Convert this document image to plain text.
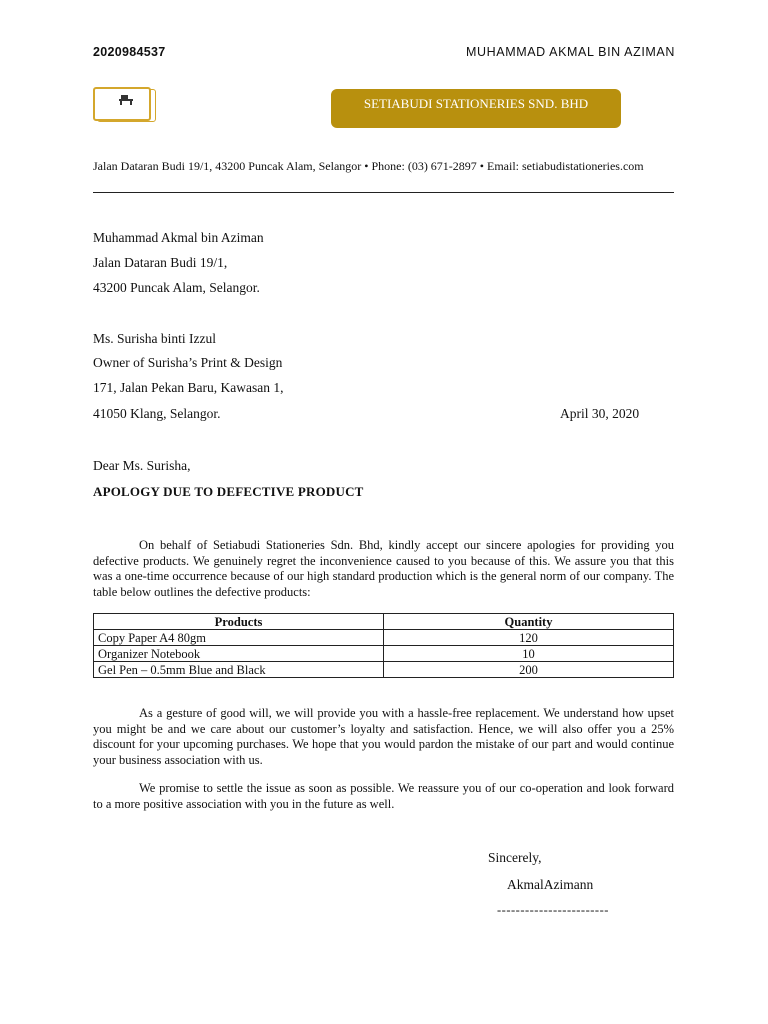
2020984537	MUHAMMAD AKMAL BIN AZIMAN
SETIABUDI STATIONERIES SND. BHD
Jalan Dataran Budi 19/1, 43200 Puncak Alam, Selangor • Phone: (03) 671-2897 • Email: setiabudistationeries.com
Muhammad Akmal bin Aziman
Jalan Dataran Budi 19/1,
43200 Puncak Alam, Selangor.
Ms. Surisha binti Izzul
Owner of Surisha’s Print & Design
171, Jalan Pekan Baru, Kawasan 1,
41050 Klang, Selangor.	April 30, 2020
Dear Ms. Surisha,
APOLOGY DUE TO DEFECTIVE PRODUCT
On behalf of Setiabudi Stationeries Sdn. Bhd, kindly accept our sincere apologies for providing you defective products. We genuinely regret the inconvenience caused to you because of this. We assure you that this was a one-time occurrence because of our high standard production which is the general norm of our company. The table below outlines the defective products:
Products	Quantity
Copy Paper A4 80gm	120
Organizer Notebook	10
Gel Pen – 0.5mm Blue and Black	200
As a gesture of good will, we will provide you with a hassle-free replacement. We understand how upset you might be and we care about our customer’s loyalty and satisfaction. Hence, we will also offer you a 25% discount for your upcoming purchases. We hope that you would pardon the mistake of our part and would continue your business association with us.
We promise to settle the issue as soon as possible. We reassure you of our co-operation and look forward to a more positive association with you in the future as well.
Sincerely,
AkmalAzimann
------------------------
